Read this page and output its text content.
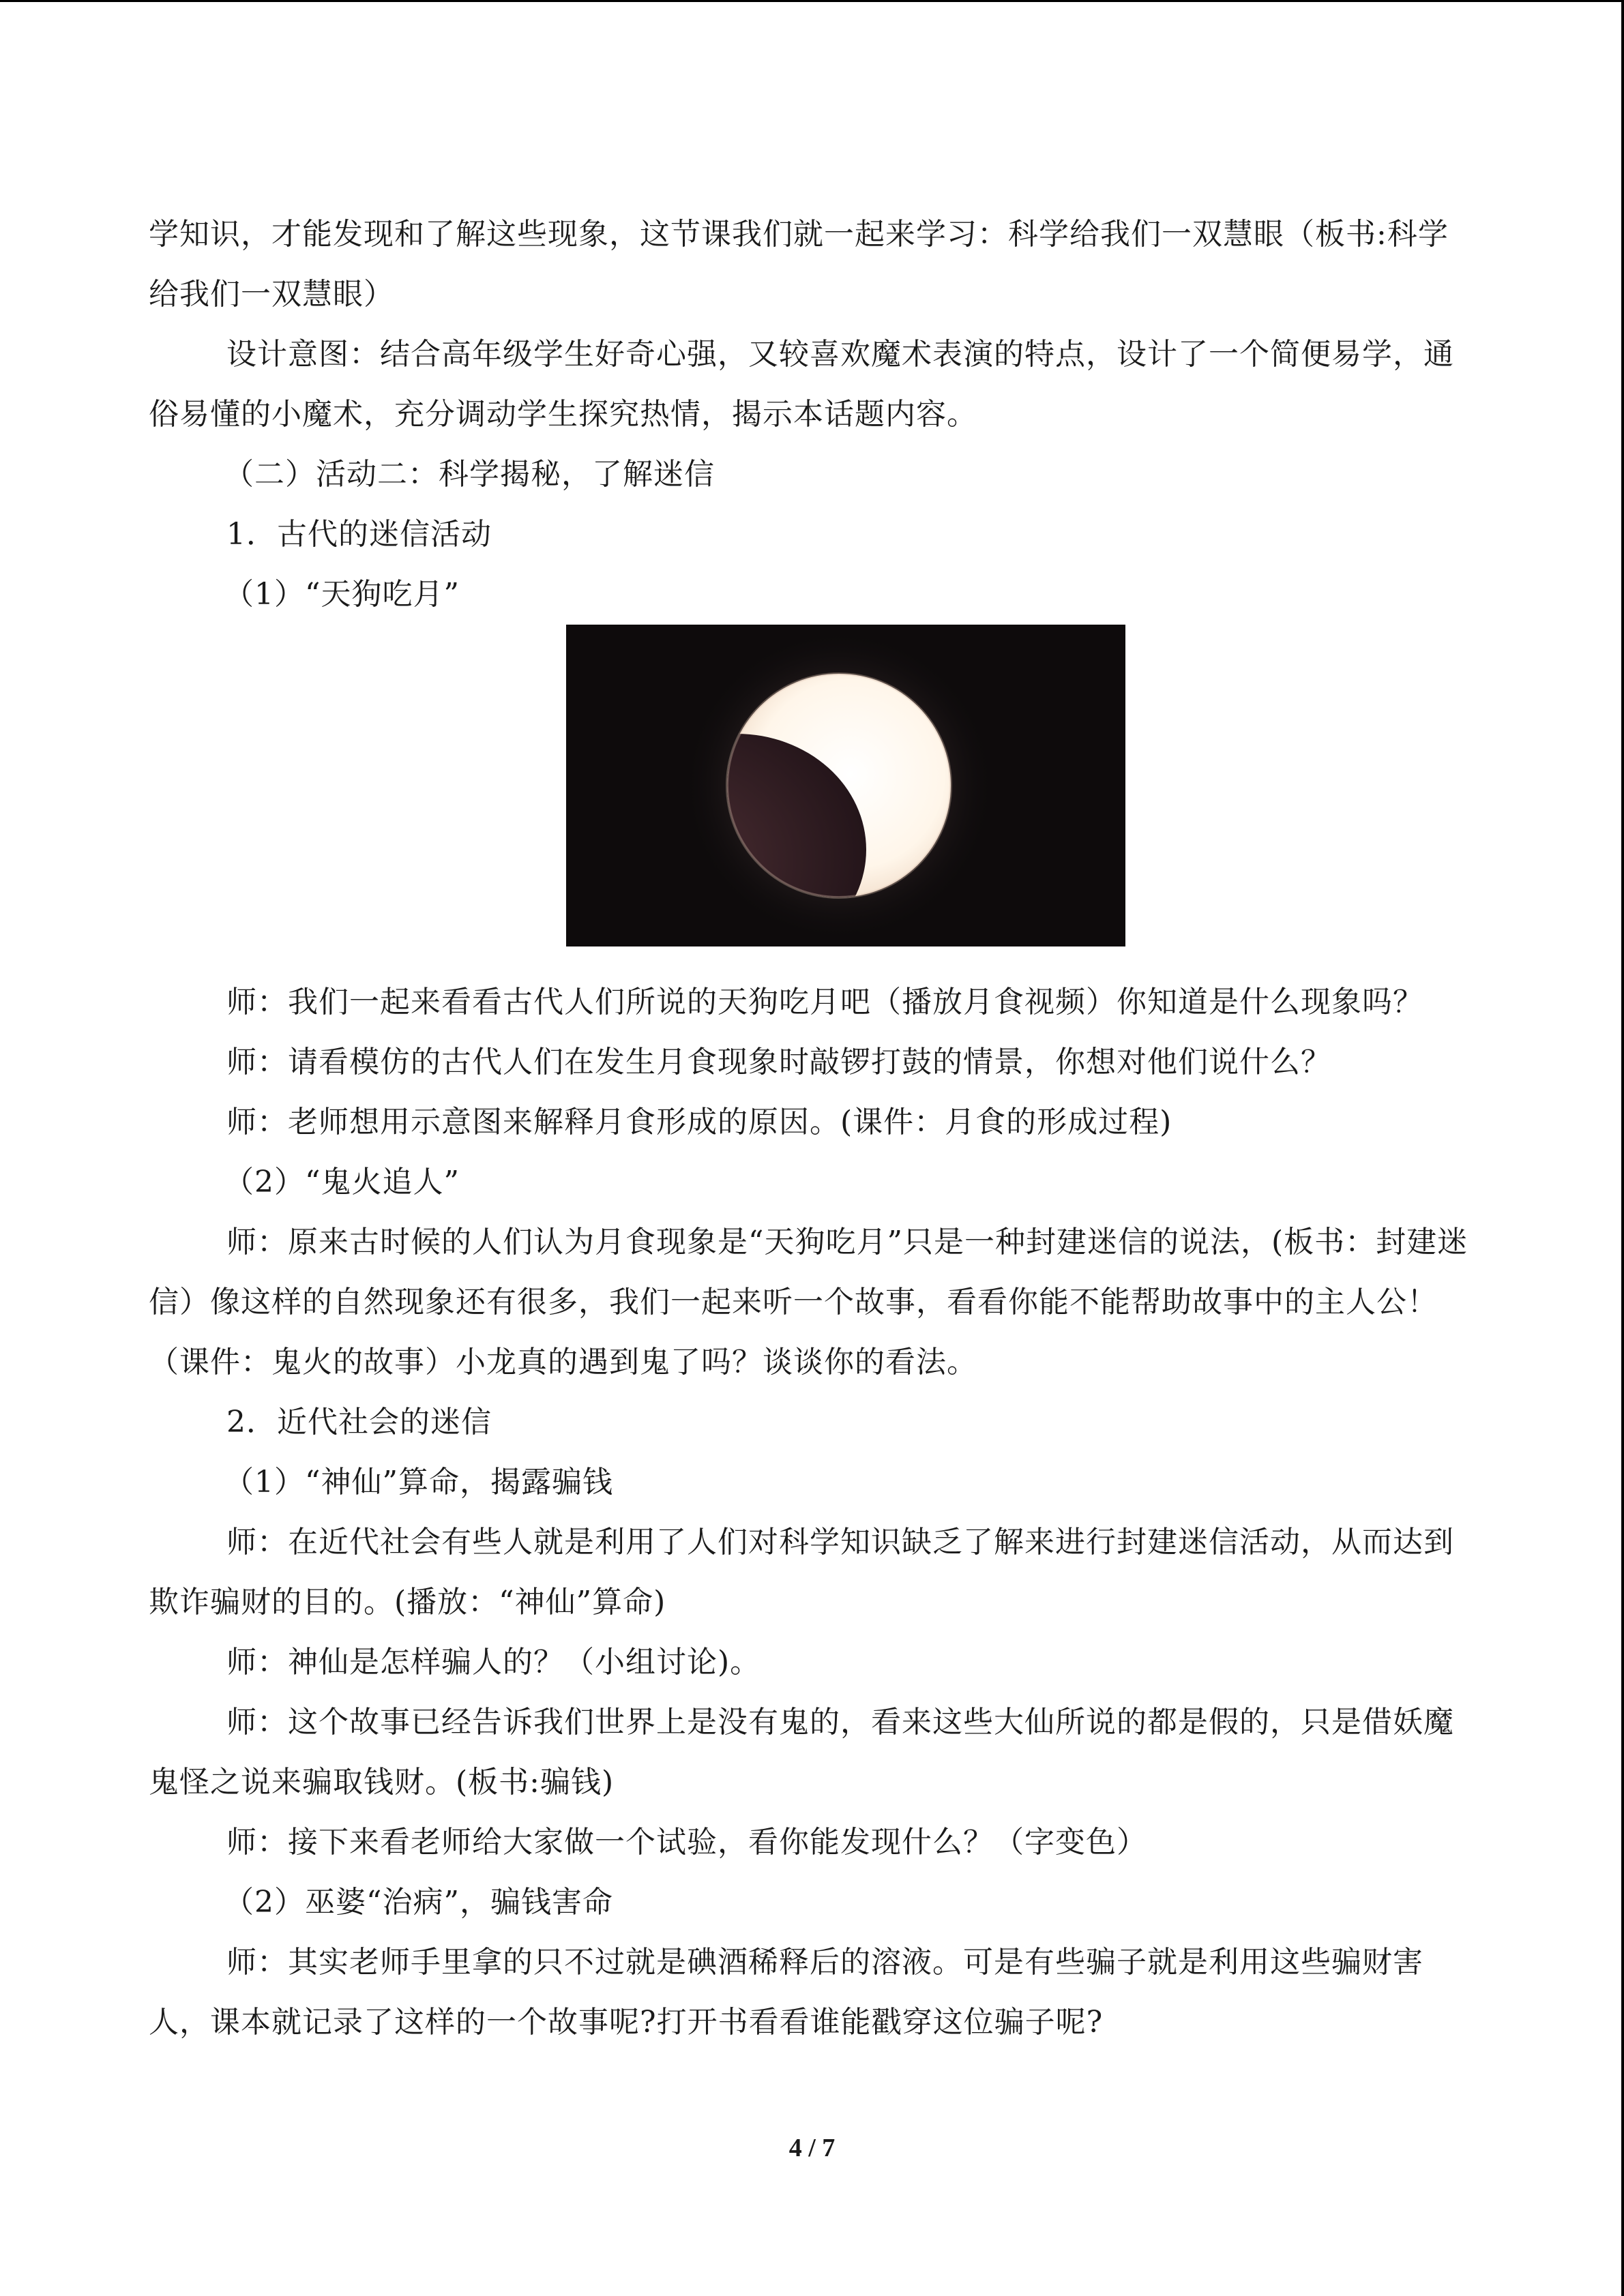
学知识，才能发现和了解这些现象，这节课我们就一起来学习：科学给我们一双慧眼（板书:科学给我们一双慧眼）

设计意图：结合高年级学生好奇心强，又较喜欢魔术表演的特点，设计了一个简便易学，通俗易懂的小魔术，充分调动学生探究热情，揭示本话题内容。

（二）活动二：科学揭秘，了解迷信

1．古代的迷信活动

（1）“天狗吃月”

师：我们一起来看看古代人们所说的天狗吃月吧（播放月食视频）你知道是什么现象吗？

师：请看模仿的古代人们在发生月食现象时敲锣打鼓的情景，你想对他们说什么？

师：老师想用示意图来解释月食形成的原因。(课件：月食的形成过程)

（2）“鬼火追人”

师：原来古时候的人们认为月食现象是“天狗吃月”只是一种封建迷信的说法，(板书：封建迷信）像这样的自然现象还有很多，我们一起来听一个故事，看看你能不能帮助故事中的主人公！（课件：鬼火的故事）小龙真的遇到鬼了吗？谈谈你的看法。

2．近代社会的迷信

（1）“神仙”算命，揭露骗钱

师：在近代社会有些人就是利用了人们对科学知识缺乏了解来进行封建迷信活动，从而达到欺诈骗财的目的。(播放：“神仙”算命)

师：神仙是怎样骗人的？（小组讨论)。

师：这个故事已经告诉我们世界上是没有鬼的，看来这些大仙所说的都是假的，只是借妖魔鬼怪之说来骗取钱财。(板书:骗钱)

师：接下来看老师给大家做一个试验，看你能发现什么？（字变色）

（2）巫婆“治病”，骗钱害命

师：其实老师手里拿的只不过就是碘酒稀释后的溶液。可是有些骗子就是利用这些骗财害人，课本就记录了这样的一个故事呢?打开书看看谁能戳穿这位骗子呢?

4 / 7
